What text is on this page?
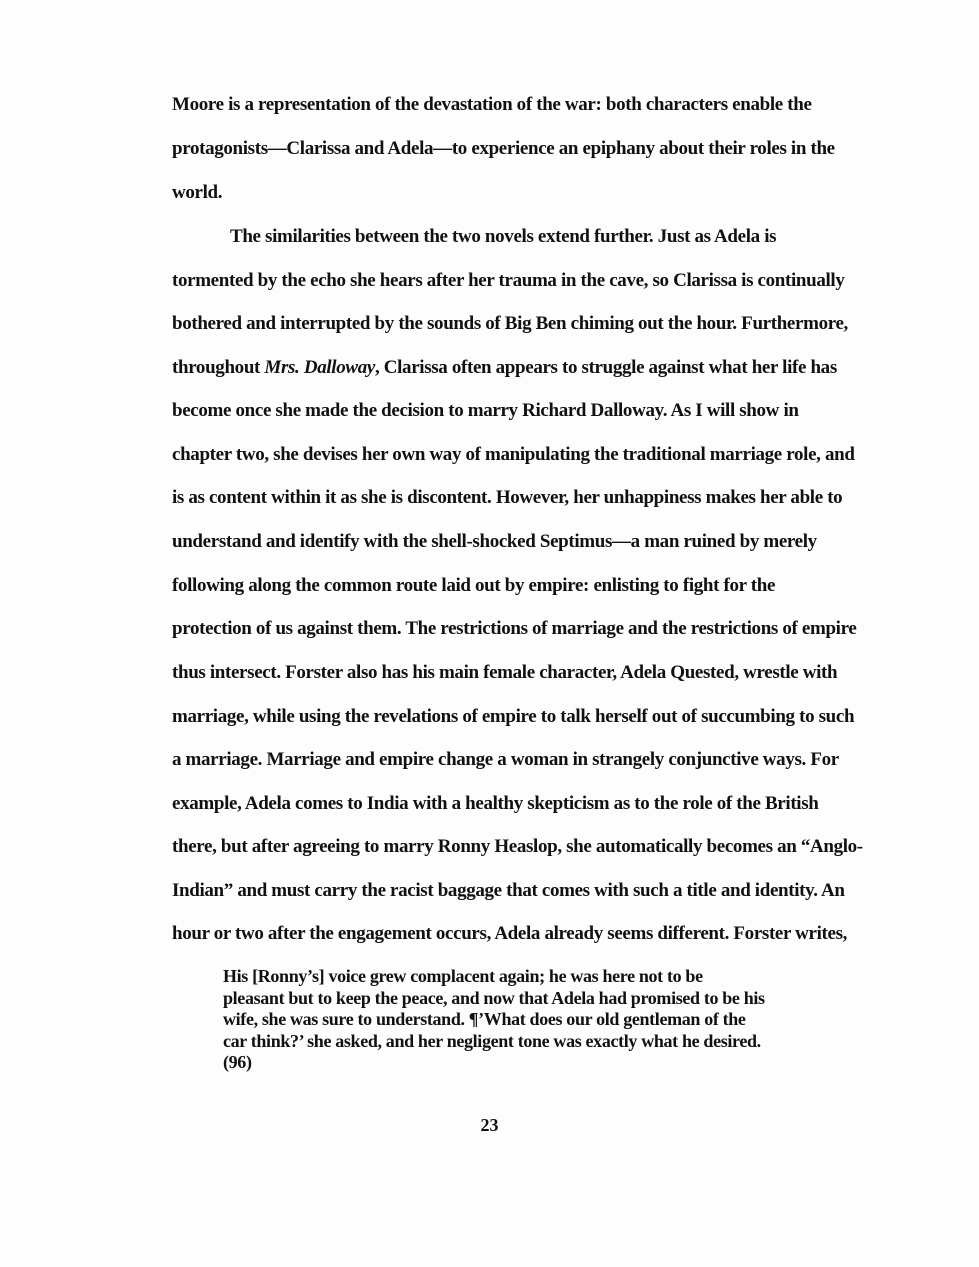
Moore is a representation of the devastation of the war: both characters enable the
protagonists—Clarissa and Adela—to experience an epiphany about their roles in the
world.
The similarities between the two novels extend further. Just as Adela is
tormented by the echo she hears after her trauma in the cave, so Clarissa is continually
bothered and interrupted by the sounds of Big Ben chiming out the hour. Furthermore,
throughout Mrs. Dalloway, Clarissa often appears to struggle against what her life has
become once she made the decision to marry Richard Dalloway. As I will show in
chapter two, she devises her own way of manipulating the traditional marriage role, and
is as content within it as she is discontent. However, her unhappiness makes her able to
understand and identify with the shell-shocked Septimus—a man ruined by merely
following along the common route laid out by empire: enlisting to fight for the
protection of us against them. The restrictions of marriage and the restrictions of empire
thus intersect. Forster also has his main female character, Adela Quested, wrestle with
marriage, while using the revelations of empire to talk herself out of succumbing to such
a marriage. Marriage and empire change a woman in strangely conjunctive ways. For
example, Adela comes to India with a healthy skepticism as to the role of the British
there, but after agreeing to marry Ronny Heaslop, she automatically becomes an “Anglo-
Indian” and must carry the racist baggage that comes with such a title and identity. An
hour or two after the engagement occurs, Adela already seems different. Forster writes,
His [Ronny’s] voice grew complacent again; he was here not to be
pleasant but to keep the peace, and now that Adela had promised to be his
wife, she was sure to understand. ¶’What does our old gentleman of the
car think?’ she asked, and her negligent tone was exactly what he desired.
(96)
23
